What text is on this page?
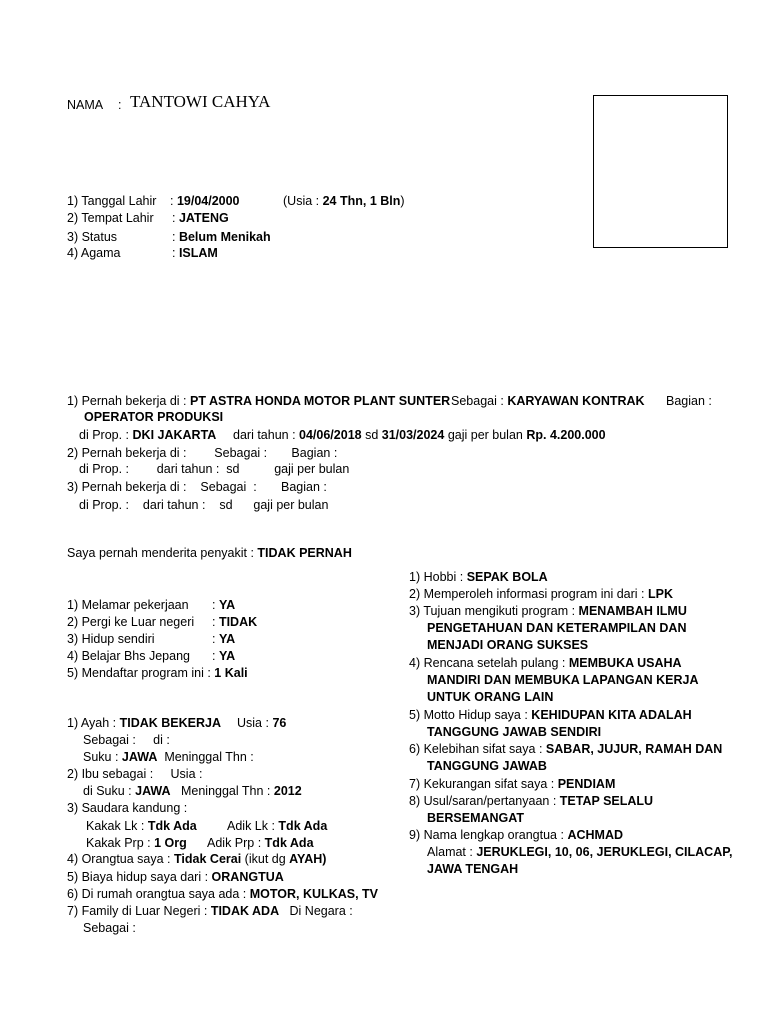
NAMA : TANTOWI CAHYA
1) Tanggal Lahir : 19/04/2000	(Usia : 24 Thn, 1 Bln)
2) Tempat Lahir : JATENG
3) Status	: Belum Menikah
4) Agama	: ISLAM
1) Pernah bekerja di : PT ASTRA HONDA MOTOR PLANT SUNTER Sebagai : KARYAWAN KONTRAK Bagian :
OPERATOR PRODUKSI
di Prop. : DKI JAKARTA dari tahun : 04/06/2018 sd 31/03/2024 gaji per bulan Rp. 4.200.000
2) Pernah bekerja di :        Sebagai :       Bagian :
di Prop. :        dari tahun :  sd          gaji per bulan
3) Pernah bekerja di :    Sebagai  :       Bagian :
di Prop. :    dari tahun :    sd      gaji per bulan
Saya pernah menderita penyakit : TIDAK PERNAH
1) Melamar pekerjaan : YA
2) Pergi ke Luar negeri : TIDAK
3) Hidup sendiri	: YA
4) Belajar Bhs Jepang : YA
5) Mendaftar program ini : 1 Kali
1) Ayah : TIDAK BEKERJA Usia : 76
Sebagai :     di :
Suku : JAWA Meninggal Thn :
2) Ibu sebagai :     Usia :
di Suku : JAWA Meninggal Thn : 2012
3) Saudara kandung :
Kakak Lk : Tdk Ada Adik Lk : Tdk Ada
Kakak Prp : 1 Org Adik Prp : Tdk Ada
4) Orangtua saya : Tidak Cerai (ikut dg AYAH)
5) Biaya hidup saya dari : ORANGTUA
6) Di rumah orangtua saya ada : MOTOR, KULKAS, TV
7) Family di Luar Negeri : TIDAK ADA Di Negara :
Sebagai :
1) Hobbi : SEPAK BOLA
2) Memperoleh informasi program ini dari : LPK
3) Tujuan mengikuti program : MENAMBAH ILMU
PENGETAHUAN DAN KETERAMPILAN DAN
MENJADI ORANG SUKSES
4) Rencana setelah pulang : MEMBUKA USAHA
MANDIRI DAN MEMBUKA LAPANGAN KERJA
UNTUK ORANG LAIN
5) Motto Hidup saya : KEHIDUPAN KITA ADALAH
TANGGUNG JAWAB SENDIRI
6) Kelebihan sifat saya : SABAR, JUJUR, RAMAH DAN
TANGGUNG JAWAB
7) Kekurangan sifat saya : PENDIAM
8) Usul/saran/pertanyaan : TETAP SELALU
BERSEMANGAT
9) Nama lengkap orangtua : ACHMAD
Alamat : JERUKLEGI, 10, 06, JERUKLEGI, CILACAP,
JAWA TENGAH
